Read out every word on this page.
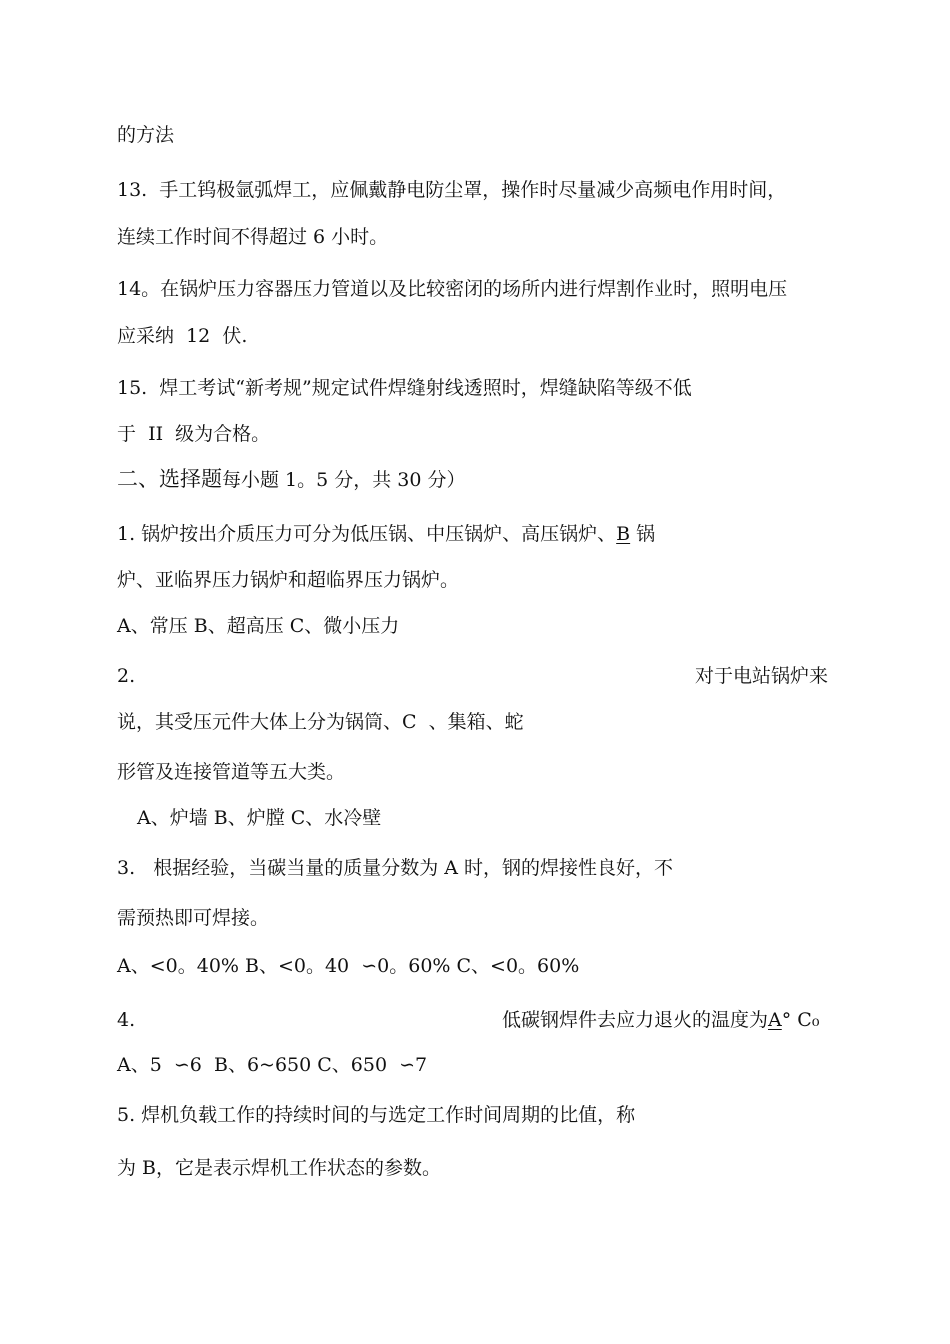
的方法
13.  手工钨极氩弧焊工，应佩戴静电防尘罩，操作时尽量减少高频电作用时间，
连续工作时间不得超过 6 小时。
14。在锅炉压力容器压力管道以及比较密闭的场所内进行焊割作业时，照明电压
应采纳  12  伏.
15.  焊工考试“新考规”规定试件焊缝射线透照时，焊缝缺陷等级不低
于  II  级为合格。
二、选择题每小题 1。5 分，共 30 分）
1. 锅炉按出介质压力可分为低压锅、中压锅炉、高压锅炉、B 锅
炉、亚临界压力锅炉和超临界压力锅炉。
A、常压 B、超高压 C、微小压力
2.	对于电站锅炉来
说，其受压元件大体上分为锅筒、C  、集箱、蛇
形管及连接管道等五大类。
A、炉墙 B、炉膛 C、水冷壁
3.   根据经验，当碳当量的质量分数为 A 时，钢的焊接性良好，不
需预热即可焊接。
A、<0。40% B、<0。40  ∽0。60% C、<0。60%
4.	低碳钢焊件去应力退火的温度为A° C₀
A、5  ∽6  B、6~650 C、650  ∽7
5. 焊机负载工作的持续时间的与选定工作时间周期的比值，称
为 B，它是表示焊机工作状态的参数。
